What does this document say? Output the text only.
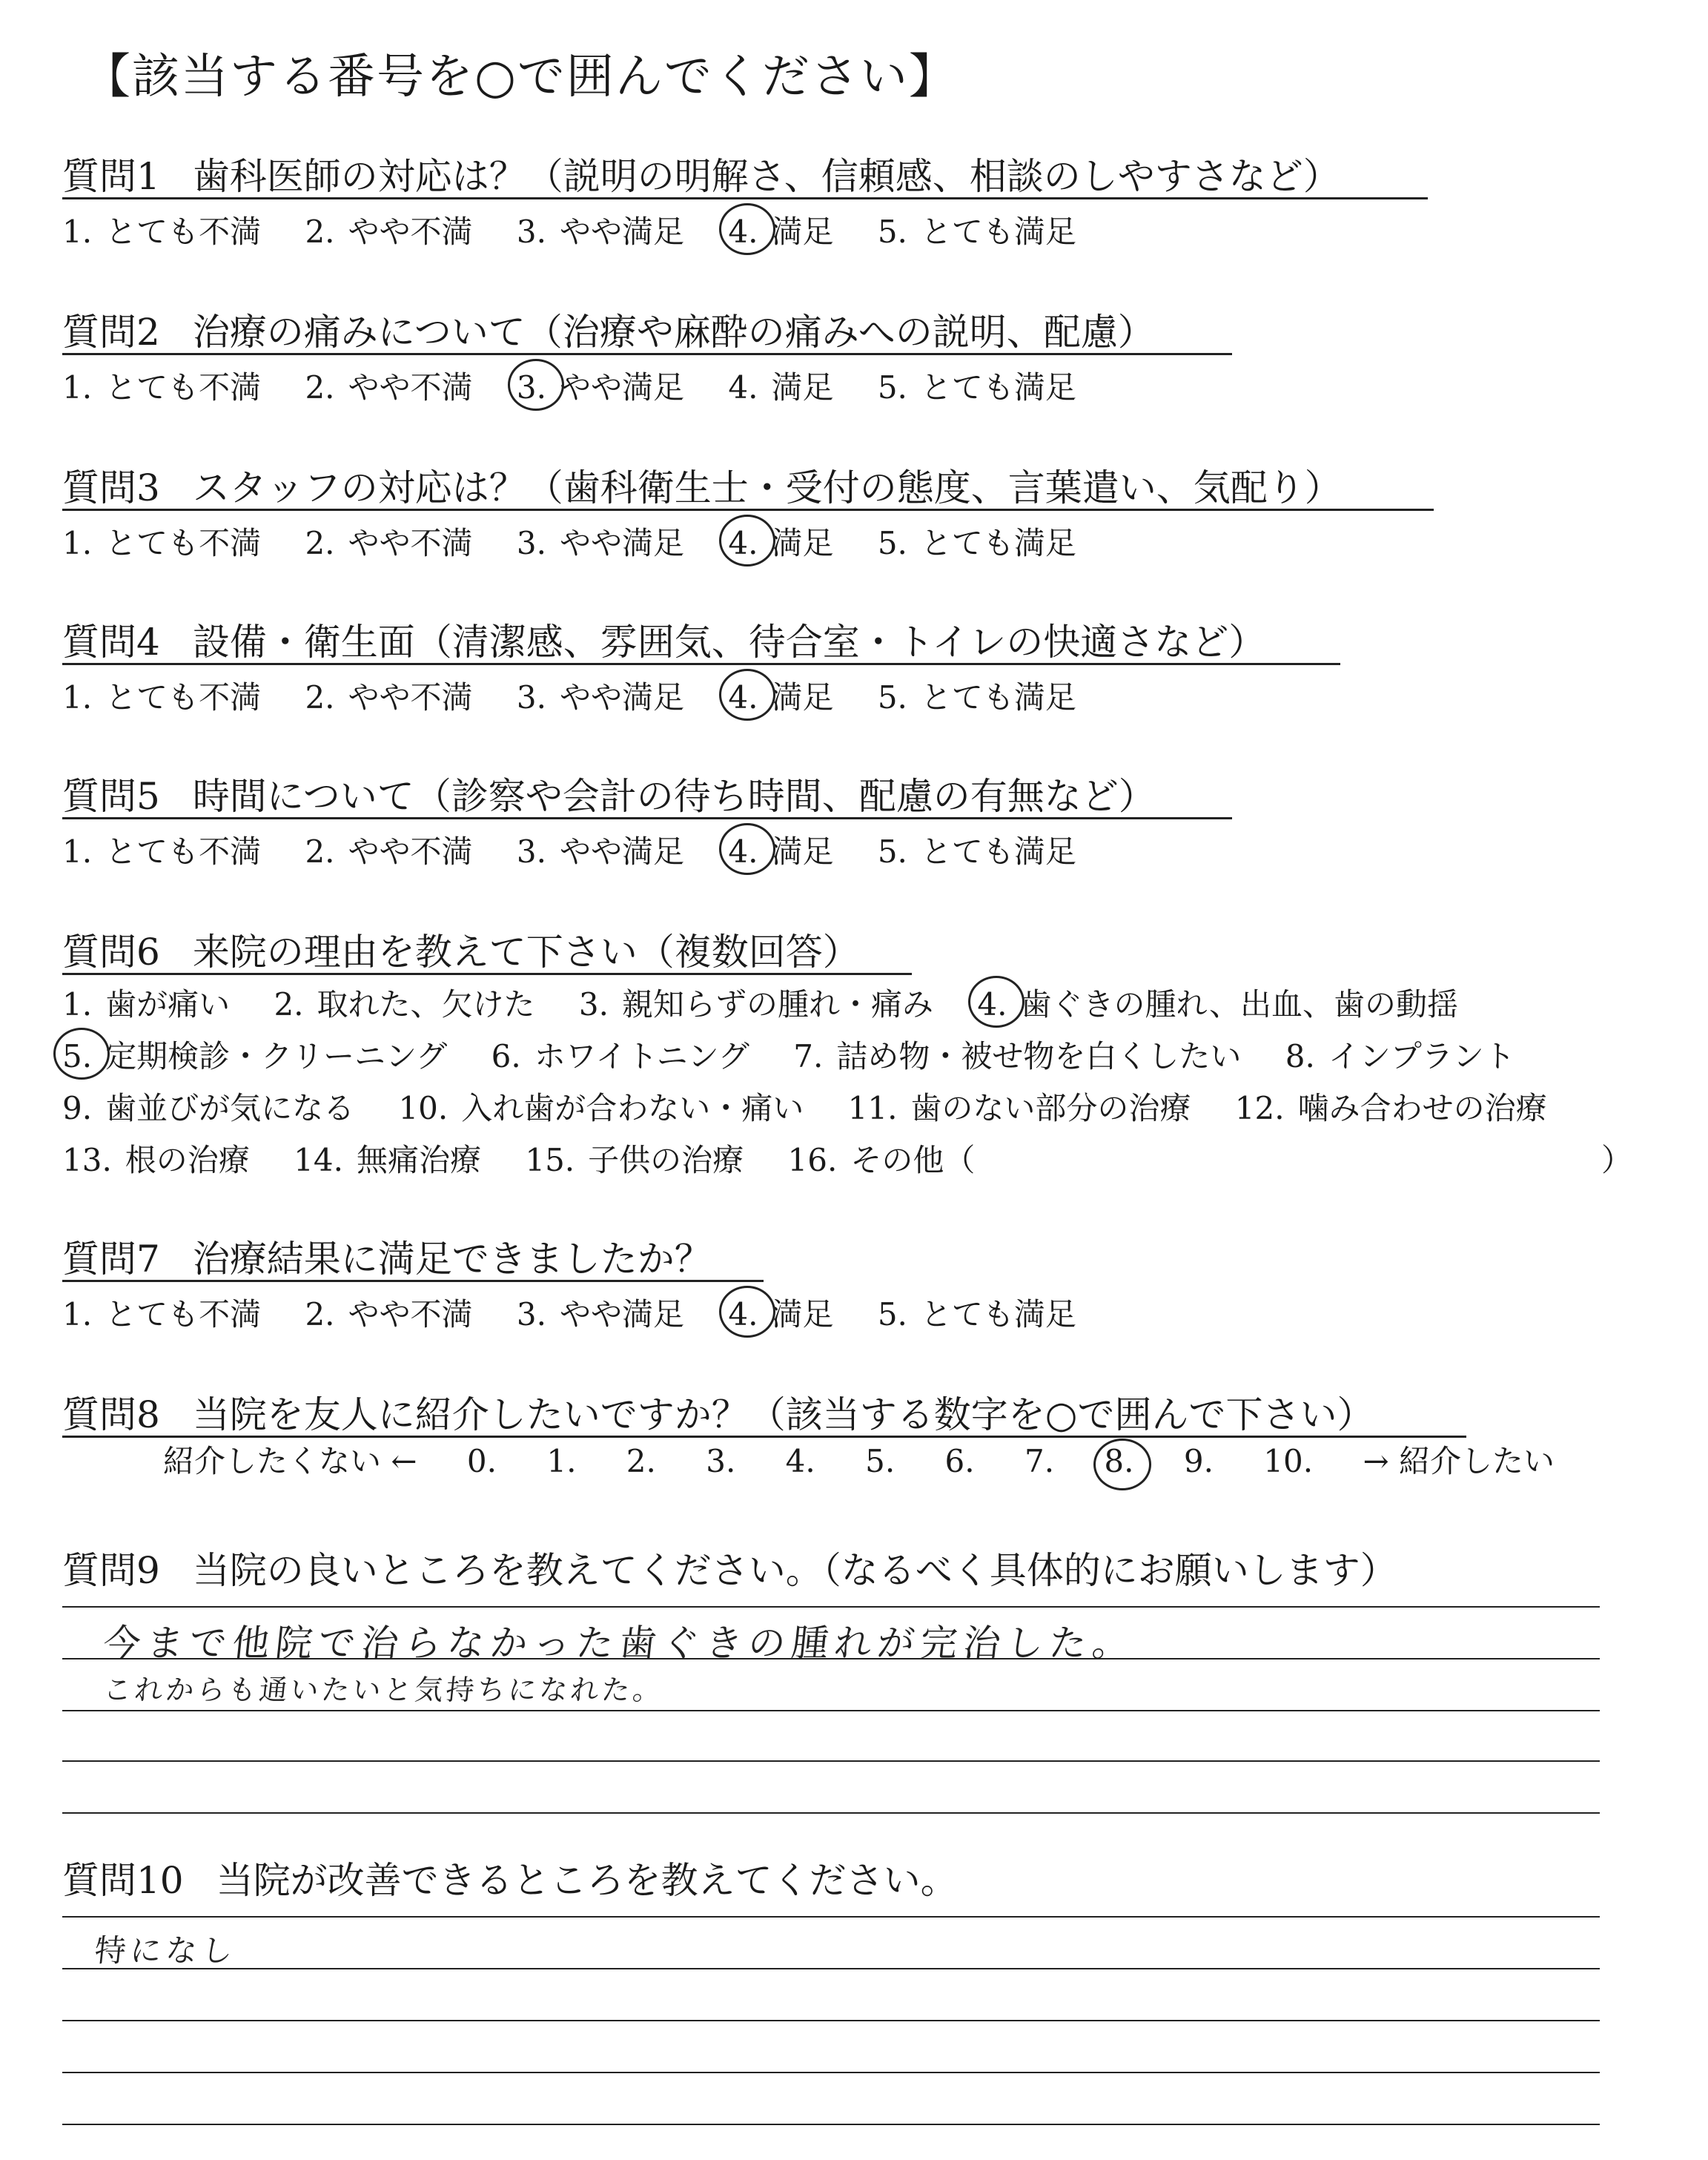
【該当する番号を○で囲んでください】
質問1 歯科医師の対応は？（説明の明解さ、信頼感、相談のしやすさなど）
1. とても不満 2. やや不満 3. やや満足 4. 満足 5. とても満足
質問2 治療の痛みについて（治療や麻酔の痛みへの説明、配慮）
1. とても不満 2. やや不満 3. やや満足 4. 満足 5. とても満足
質問3 スタッフの対応は？（歯科衛生士・受付の態度、言葉遣い、気配り）
1. とても不満 2. やや不満 3. やや満足 4. 満足 5. とても満足
質問4 設備・衛生面（清潔感、雰囲気、待合室・トイレの快適さなど）
1. とても不満 2. やや不満 3. やや満足 4. 満足 5. とても満足
質問5 時間について（診察や会計の待ち時間、配慮の有無など）
1. とても不満 2. やや不満 3. やや満足 4. 満足 5. とても満足
質問6 来院の理由を教えて下さい（複数回答）
1. 歯が痛い 2. 取れた、欠けた 3. 親知らずの腫れ・痛み 4. 歯ぐきの腫れ、出血、歯の動揺
5. 定期検診・クリーニング 6. ホワイトニング 7. 詰め物・被せ物を白くしたい 8. インプラント
9. 歯並びが気になる 10. 入れ歯が合わない・痛い 11. 歯のない部分の治療 12. 噛み合わせの治療
13. 根の治療 14. 無痛治療 15. 子供の治療 16. その他（	）
質問7 治療結果に満足できましたか？
1. とても不満 2. やや不満 3. やや満足 4. 満足 5. とても満足
質問8 当院を友人に紹介したいですか？（該当する数字を○で囲んで下さい）
紹介したくない ← 0. 1. 2. 3. 4. 5. 6. 7. 8. 9. 10. → 紹介したい
質問9 当院の良いところを教えてください。（なるべく具体的にお願いします）
今まで他院で治らなかった歯ぐきの腫れが完治した。
これからも通いたいと気持ちになれた。
質問10 当院が改善できるところを教えてください。
特になし
